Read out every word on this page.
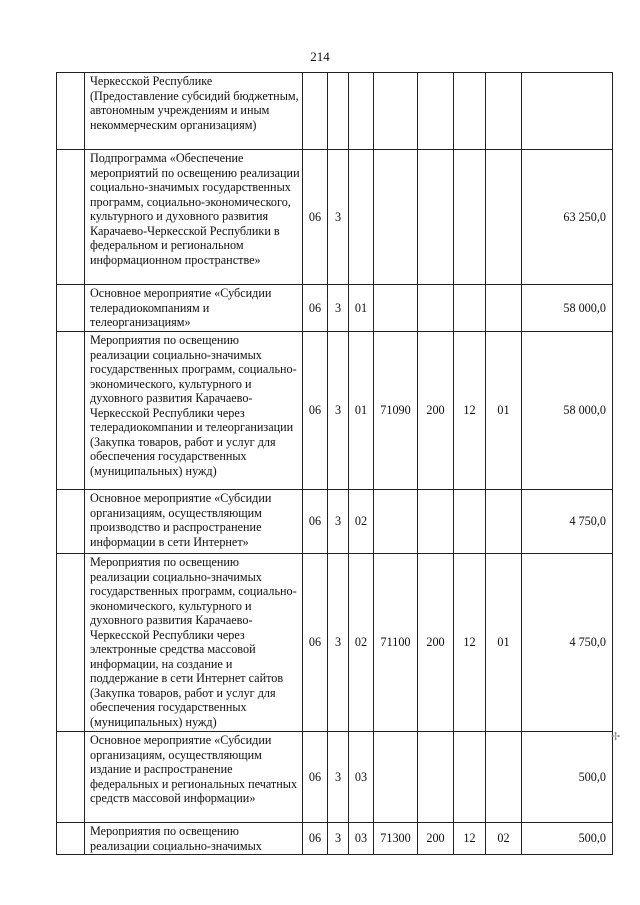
214
	Черкесской Республике (Предоставление субсидий бюджетным, автономным учреждениям и иным некоммерческим организациям)								
	Подпрограмма «Обеспечение мероприятий по освещению реализации социально-значимых государственных программ, социально-экономического, культурного и духовного развития Карачаево-Черкесской Республики в федеральном и региональном информационном пространстве»	06	3						63 250,0
	Основное мероприятие «Субсидии телерадиокомпаниям и телеорганизациям»	06	3	01					58 000,0
	Мероприятия по освещению реализации социально-значимых государственных программ, социально-экономического, культурного и духовного развития Карачаево-Черкесской Республики через телерадиокомпании и телеорганизации (Закупка товаров, работ и услуг для обеспечения государственных (муниципальных) нужд)	06	3	01	71090	200	12	01	58 000,0
	Основное мероприятие «Субсидии организациям, осуществляющим производство и распространение информации в сети Интернет»	06	3	02					4 750,0
	Мероприятия по освещению реализации социально-значимых государственных программ, социально-экономического, культурного и духовного развития Карачаево-Черкесской Республики через электронные средства массовой информации, на создание и поддержание в сети Интернет сайтов (Закупка товаров, работ и услуг для обеспечения государственных (муниципальных) нужд)	06	3	02	71100	200	12	01	4 750,0
	Основное мероприятие «Субсидии организациям, осуществляющим издание и распространение федеральных и региональных печатных средств массовой информации»	06	3	03					500,0
	Мероприятия по освещению реализации социально-значимых	06	3	03	71300	200	12	02	500,0
✢
